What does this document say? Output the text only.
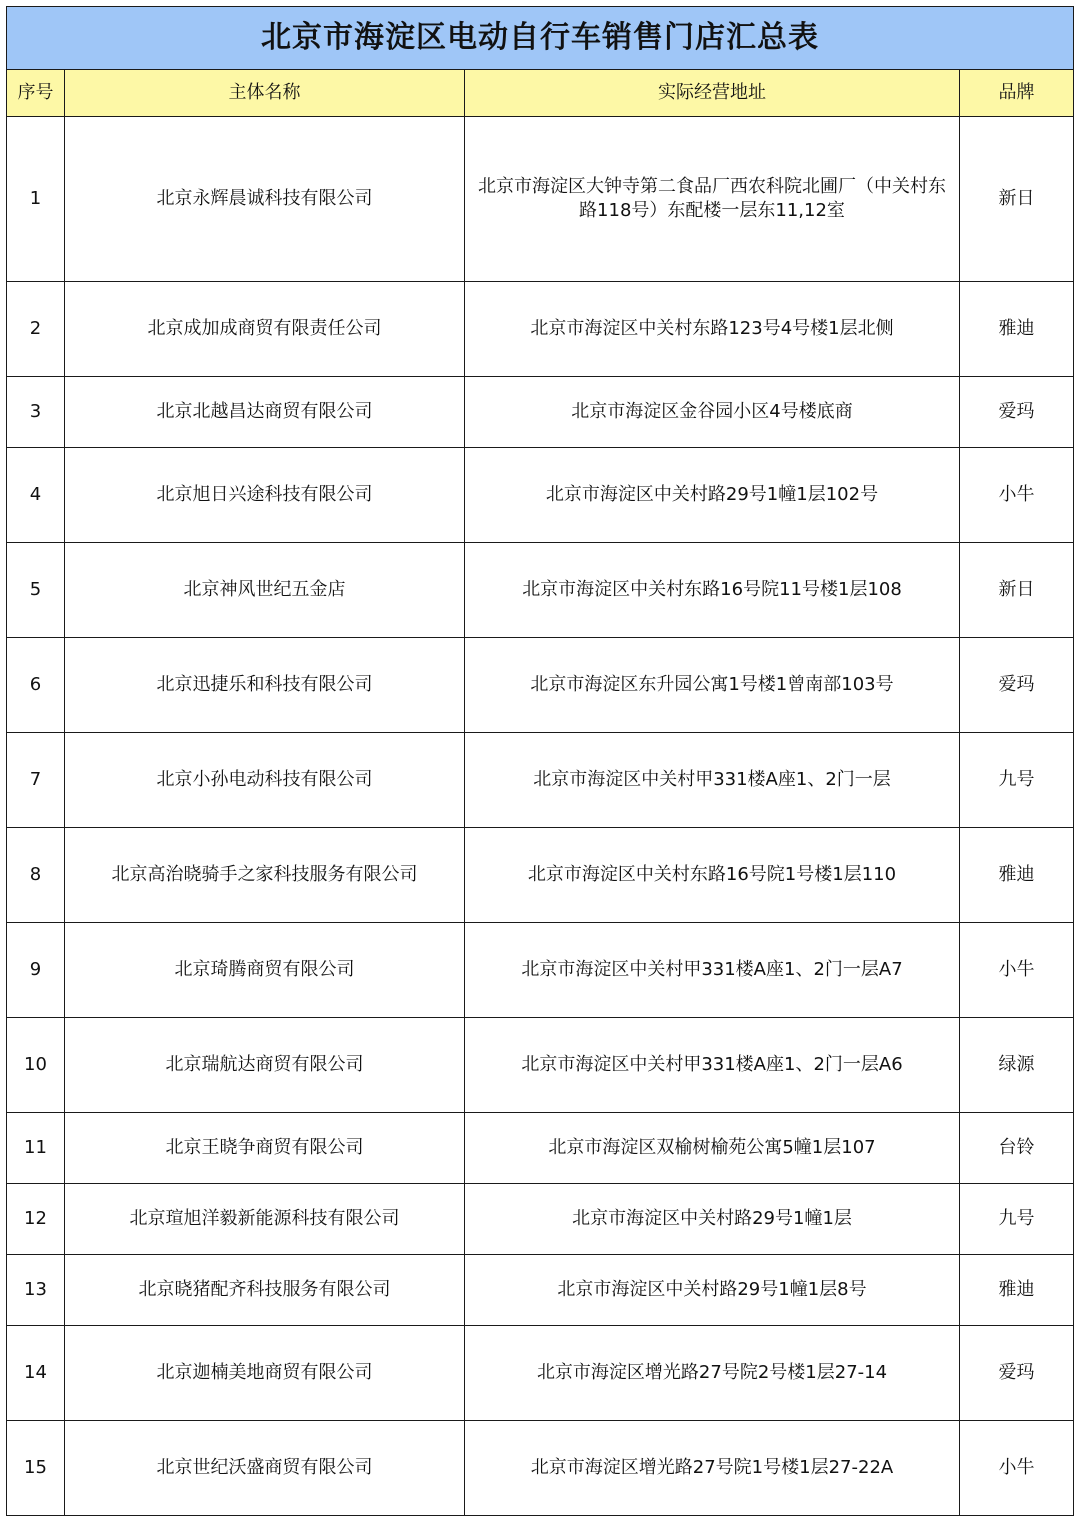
北京市海淀区电动自行车销售门店汇总表			
序号	主体名称	实际经营地址	品牌
1	北京永辉晨诚科技有限公司	北京市海淀区大钟寺第二食品厂西农科院北圃厂（中关村东路118号）东配楼一层东11,12室	新日
2	北京成加成商贸有限责任公司	北京市海淀区中关村东路123号4号楼1层北侧	雅迪
3	北京北越昌达商贸有限公司	北京市海淀区金谷园小区4号楼底商	爱玛
4	北京旭日兴途科技有限公司	北京市海淀区中关村路29号1幢1层102号	小牛
5	北京神风世纪五金店	北京市海淀区中关村东路16号院11号楼1层108	新日
6	北京迅捷乐和科技有限公司	北京市海淀区东升园公寓1号楼1曾南部103号	爱玛
7	北京小孙电动科技有限公司	北京市海淀区中关村甲331楼A座1、2门一层	九号
8	北京高治晓骑手之家科技服务有限公司	北京市海淀区中关村东路16号院1号楼1层110	雅迪
9	北京琦腾商贸有限公司	北京市海淀区中关村甲331楼A座1、2门一层A7	小牛
10	北京瑞航达商贸有限公司	北京市海淀区中关村甲331楼A座1、2门一层A6	绿源
11	北京王晓争商贸有限公司	北京市海淀区双榆树榆苑公寓5幢1层107	台铃
12	北京瑄旭洋毅新能源科技有限公司	北京市海淀区中关村路29号1幢1层	九号
13	北京晓猪配齐科技服务有限公司	北京市海淀区中关村路29号1幢1层8号	雅迪
14	北京迦楠美地商贸有限公司	北京市海淀区增光路27号院2号楼1层27-14	爱玛
15	北京世纪沃盛商贸有限公司	北京市海淀区增光路27号院1号楼1层27-22A	小牛
